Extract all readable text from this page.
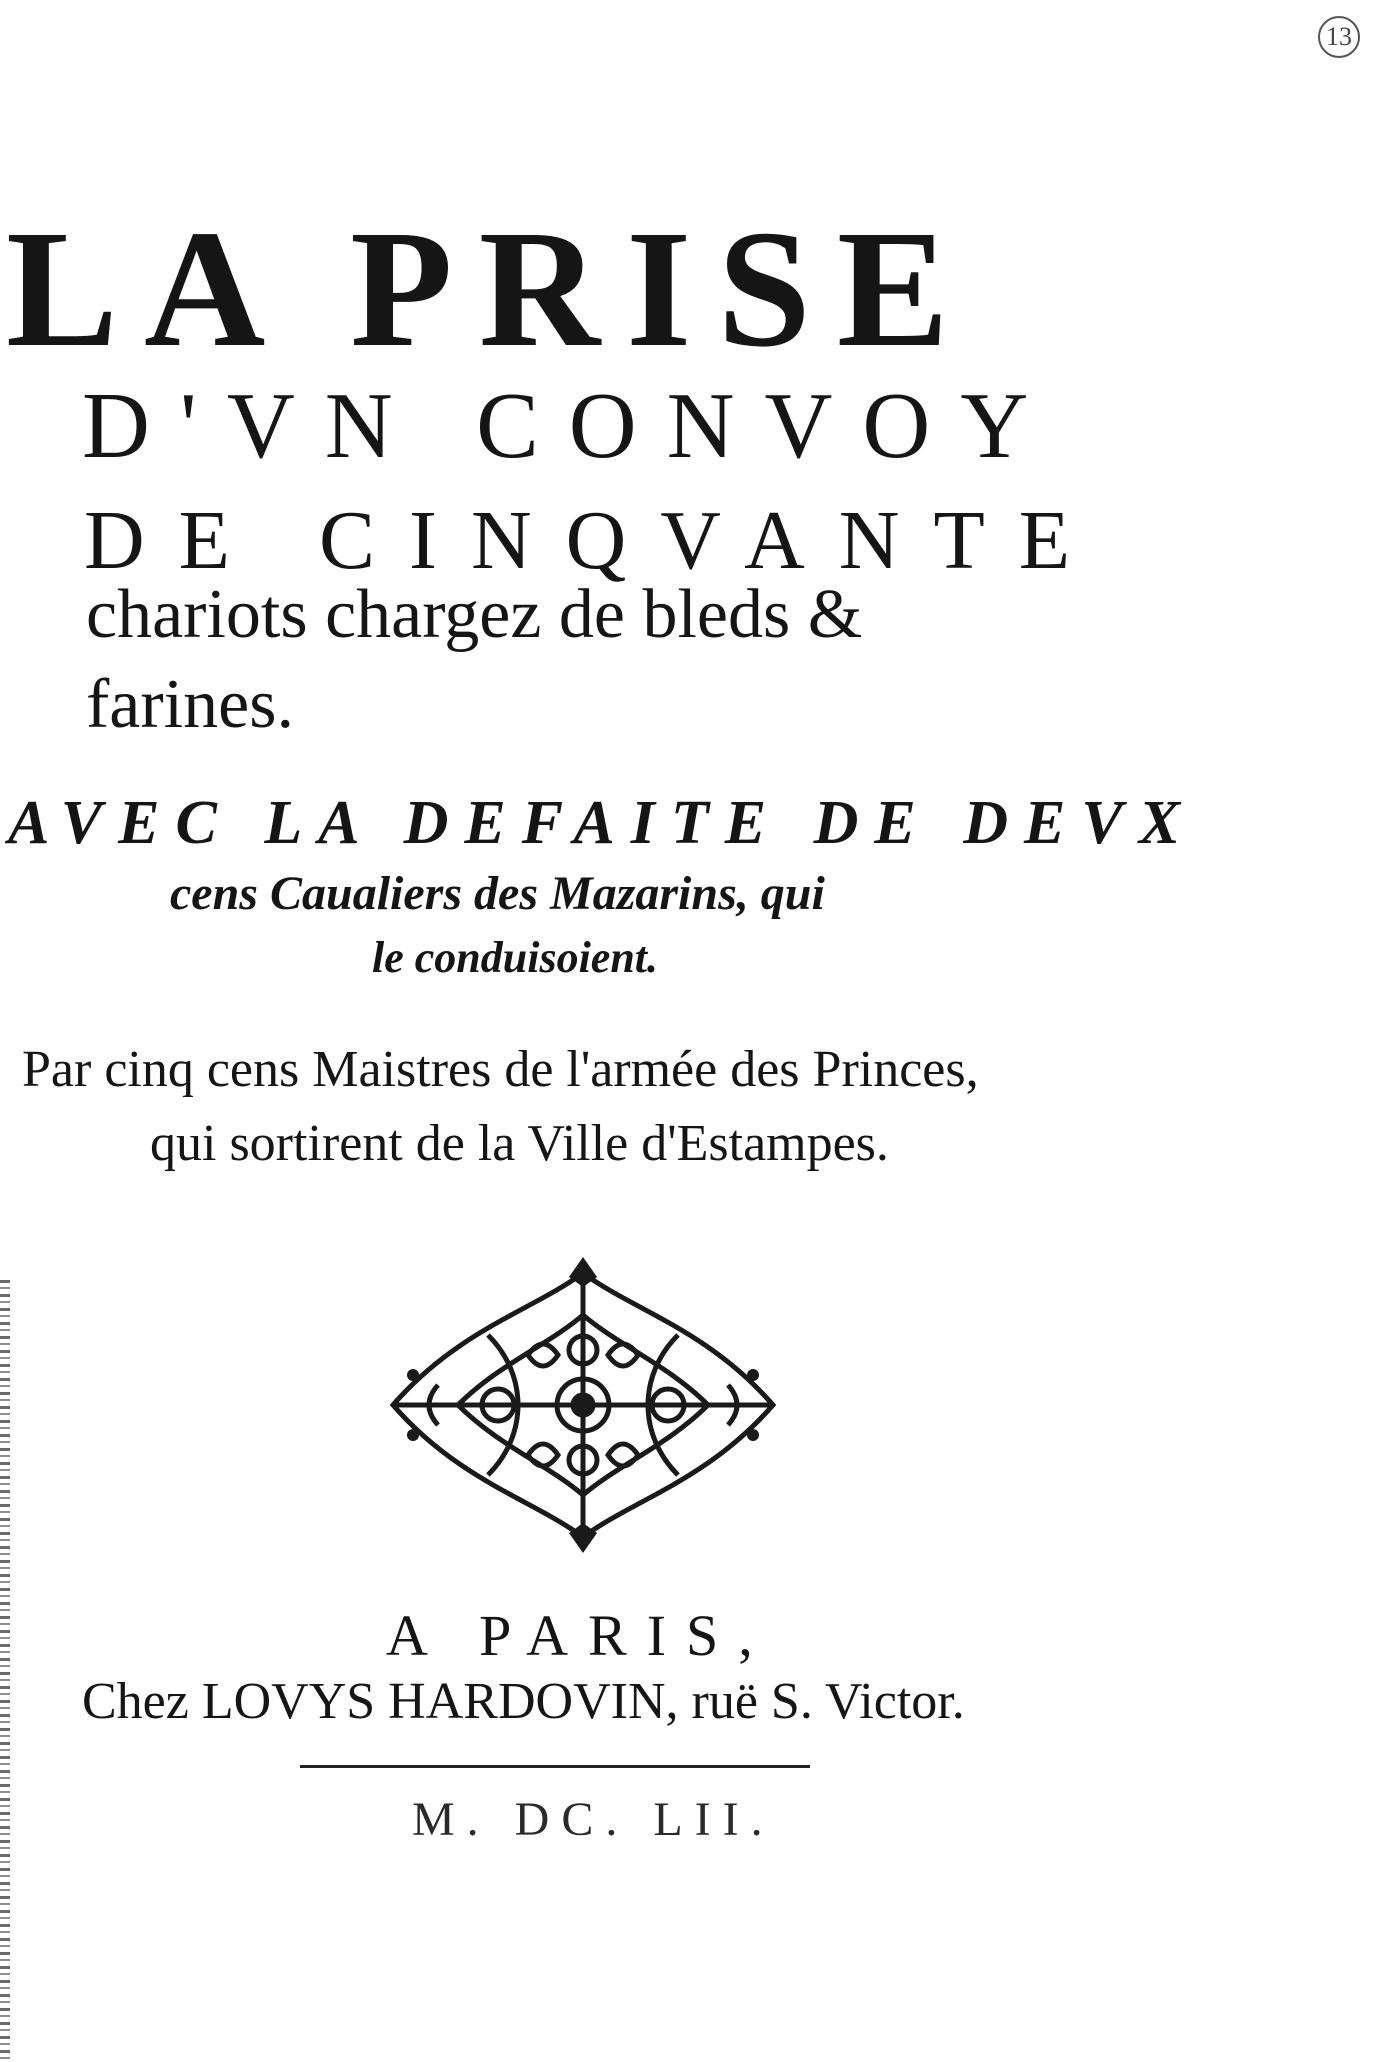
13
LA PRISE
D'VN CONVOY
DE CINQVANTE
chariots chargez de bleds &
farines.
AVEC LA DEFAITE DE DEVX
cens Caualiers des Mazarins, qui
le conduisoient.
Par cinq cens Maistres de l'armée des Princes,
qui sortirent de la Ville d'Estampes.
A PARIS,
Chez LOVYS HARDOVIN, ruë S. Victor.
M. DC. LII.
